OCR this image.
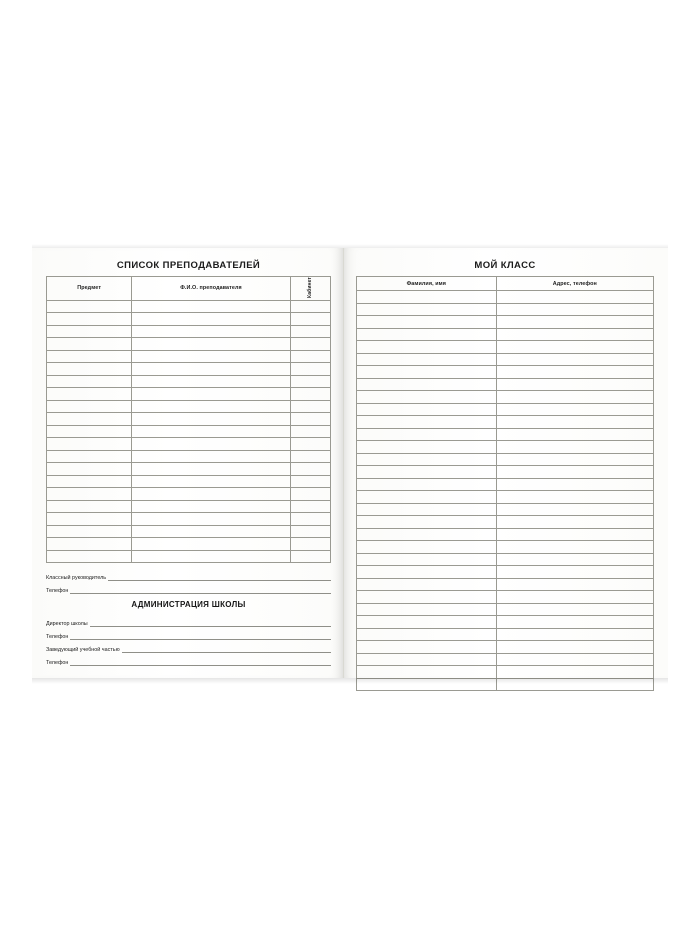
СПИСОК ПРЕПОДАВАТЕЛЕЙ
Предмет	Ф.И.О. преподавателя	Кабинет

Классный руководитель
Телефон
АДМИНИСТРАЦИЯ ШКОЛЫ
Директор школы
Телефон
Заведующий учебной частью
Телефон
МОЙ КЛАСС
Фамилия, имя	Адрес, телефон
